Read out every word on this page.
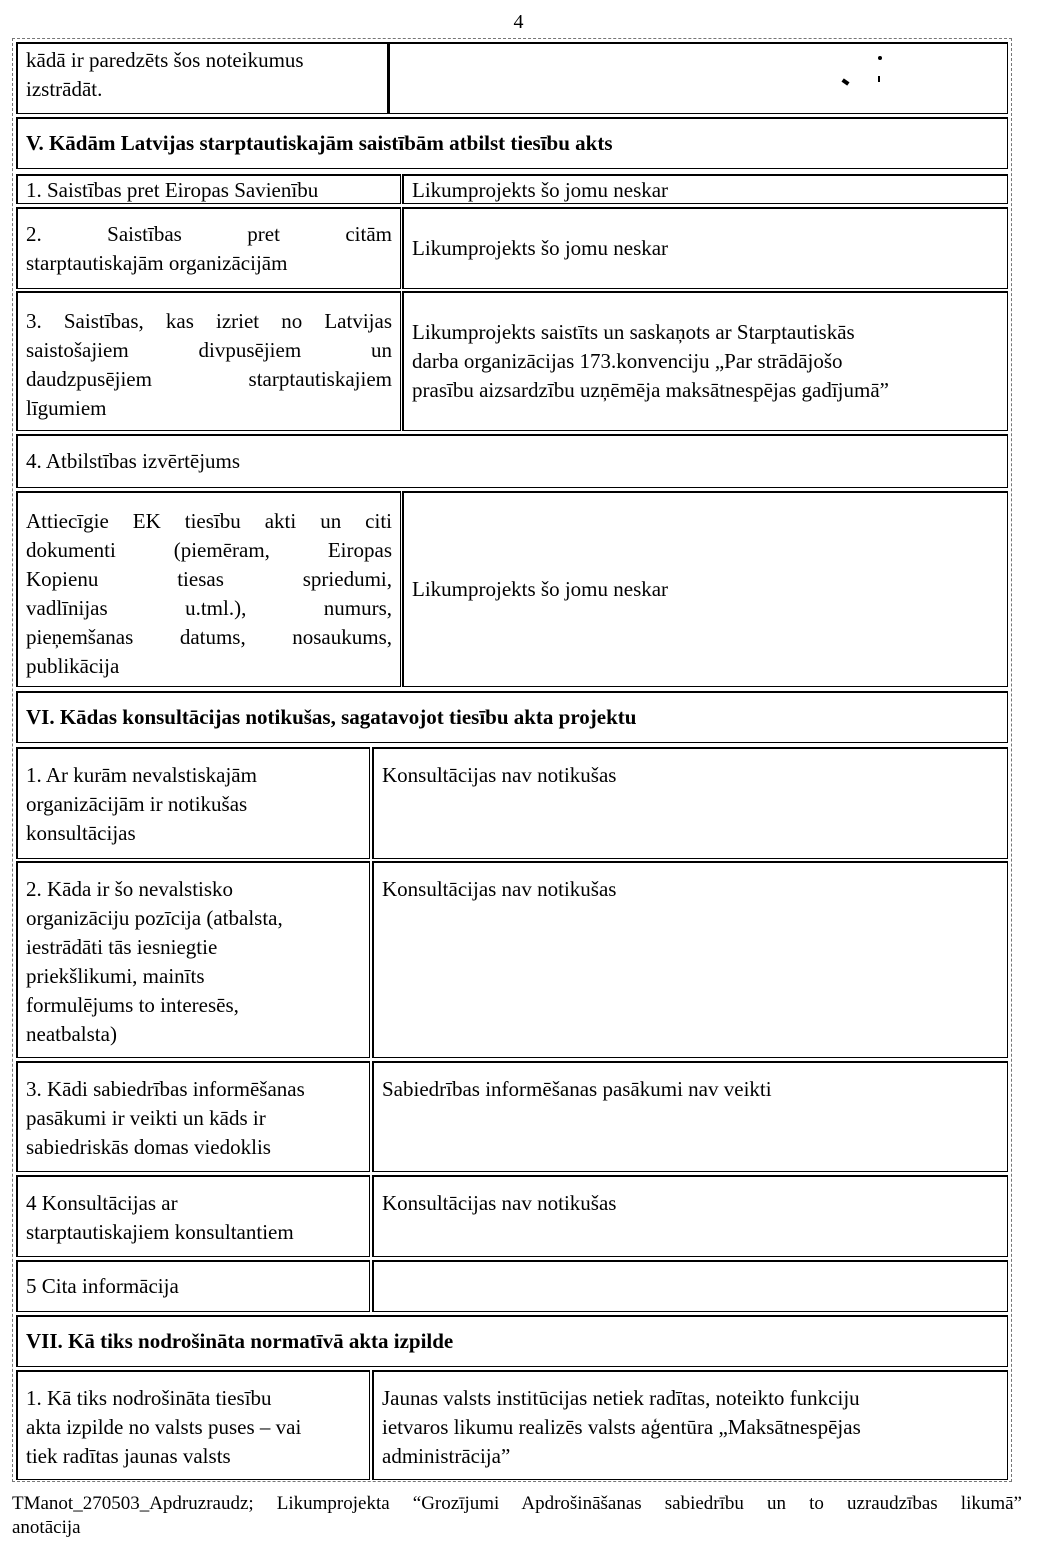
4
kādā ir paredzēts šos noteikumus izstrādāt.
V. Kādām Latvijas starptautiskajām saistībām atbilst tiesību akts
1. Saistības pret Eiropas Savienību	Likumprojekts šo jomu neskar
2. Saistības pret citām
starptautiskajām organizācijām
Likumprojekts šo jomu neskar
3. Saistības, kas izriet no Latvijas
saistošajiem divpusējiem un
daudzpusējiem starptautiskajiem
līgumiem
Likumprojekts saistīts un saskaņots ar Starptautiskās
darba organizācijas 173.konvenciju „Par strādājošo
prasību aizsardzību uzņēmēja maksātnespējas gadījumā”
4. Atbilstības izvērtējums
Attiecīgie EK tiesību akti un citi
dokumenti (piemēram, Eiropas
Kopienu tiesas spriedumi,
vadlīnijas u.tml.), numurs,
pieņemšanas datums, nosaukums,
publikācija
Likumprojekts šo jomu neskar
VI. Kādas konsultācijas notikušas, sagatavojot tiesību akta projektu
1. Ar kurām nevalstiskajām
organizācijām ir notikušas
konsultācijas
Konsultācijas nav notikušas
2. Kāda ir šo nevalstisko
organizāciju pozīcija (atbalsta,
iestrādāti tās iesniegtie
priekšlikumi, mainīts
formulējums to interesēs,
neatbalsta)
Konsultācijas nav notikušas
3. Kādi sabiedrības informēšanas
pasākumi ir veikti un kāds ir
sabiedriskās domas viedoklis
Sabiedrības informēšanas pasākumi nav veikti
4 Konsultācijas ar
starptautiskajiem konsultantiem
Konsultācijas nav notikušas
5 Cita informācija
VII. Kā tiks nodrošināta normatīvā akta izpilde
1. Kā tiks nodrošināta tiesību
akta izpilde no valsts puses – vai
tiek radītas jaunas valsts
Jaunas valsts institūcijas netiek radītas, noteikto funkciju
ietvaros likumu realizēs valsts aģentūra „Maksātnespējas
administrācija”
TManot_270503_Apdruzraudz; Likumprojekta “Grozījumi Apdrošināšanas sabiedrību un to uzraudzības likumā”
anotācija
